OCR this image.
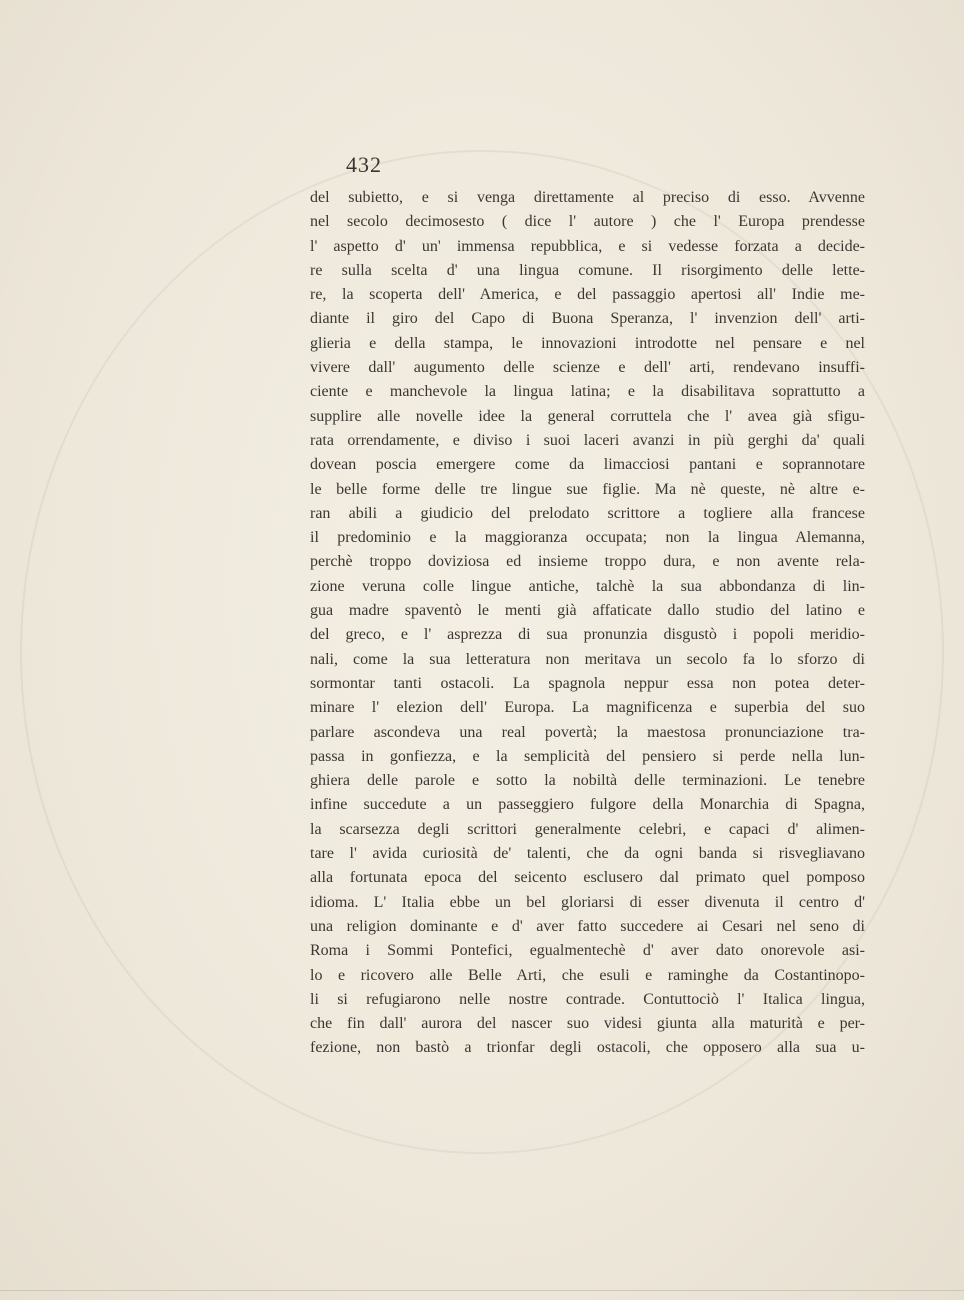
432
del subietto, e si venga direttamente al preciso di esso. Avvenne
nel secolo decimosesto ( dice l' autore ) che l' Europa prendesse
l' aspetto d' un' immensa repubblica, e si vedesse forzata a decide-
re sulla scelta d' una lingua comune. Il risorgimento delle lette-
re, la scoperta dell' America, e del passaggio apertosi all' Indie me-
diante il giro del Capo di Buona Speranza, l' invenzion dell' arti-
glieria e della stampa, le innovazioni introdotte nel pensare e nel
vivere dall' augumento delle scienze e dell' arti, rendevano insuffi-
ciente e manchevole la lingua latina; e la disabilitava soprattutto a
supplire alle novelle idee la general corruttela che l' avea già sfigu-
rata orrendamente, e diviso i suoi laceri avanzi in più gerghi da' quali
dovean poscia emergere come da limacciosi pantani e soprannotare
le belle forme delle tre lingue sue figlie. Ma nè queste, nè altre e-
ran abili a giudicio del prelodato scrittore a togliere alla francese
il predominio e la maggioranza occupata; non la lingua Alemanna,
perchè troppo doviziosa ed insieme troppo dura, e non avente rela-
zione veruna colle lingue antiche, talchè la sua abbondanza di lin-
gua madre spaventò le menti già affaticate dallo studio del latino e
del greco, e l' asprezza di sua pronunzia disgustò i popoli meridio-
nali, come la sua letteratura non meritava un secolo fa lo sforzo di
sormontar tanti ostacoli. La spagnola neppur essa non potea deter-
minare l' elezion dell' Europa. La magnificenza e superbia del suo
parlare ascondeva una real povertà; la maestosa pronunciazione tra-
passa in gonfiezza, e la semplicità del pensiero si perde nella lun-
ghiera delle parole e sotto la nobiltà delle terminazioni. Le tenebre
infine succedute a un passeggiero fulgore della Monarchia di Spagna,
la scarsezza degli scrittori generalmente celebri, e capaci d' alimen-
tare l' avida curiosità de' talenti, che da ogni banda si risvegliavano
alla fortunata epoca del seicento esclusero dal primato quel pomposo
idioma. L' Italia ebbe un bel gloriarsi di esser divenuta il centro d'
una religion dominante e d' aver fatto succedere ai Cesari nel seno di
Roma i Sommi Pontefici, egualmentechè d' aver dato onorevole asi-
lo e ricovero alle Belle Arti, che esuli e raminghe da Costantinopo-
li si refugiarono nelle nostre contrade. Contuttociò l' Italica lingua,
che fin dall' aurora del nascer suo videsi giunta alla maturità e per-
fezione, non bastò a trionfar degli ostacoli, che opposero alla sua u-
